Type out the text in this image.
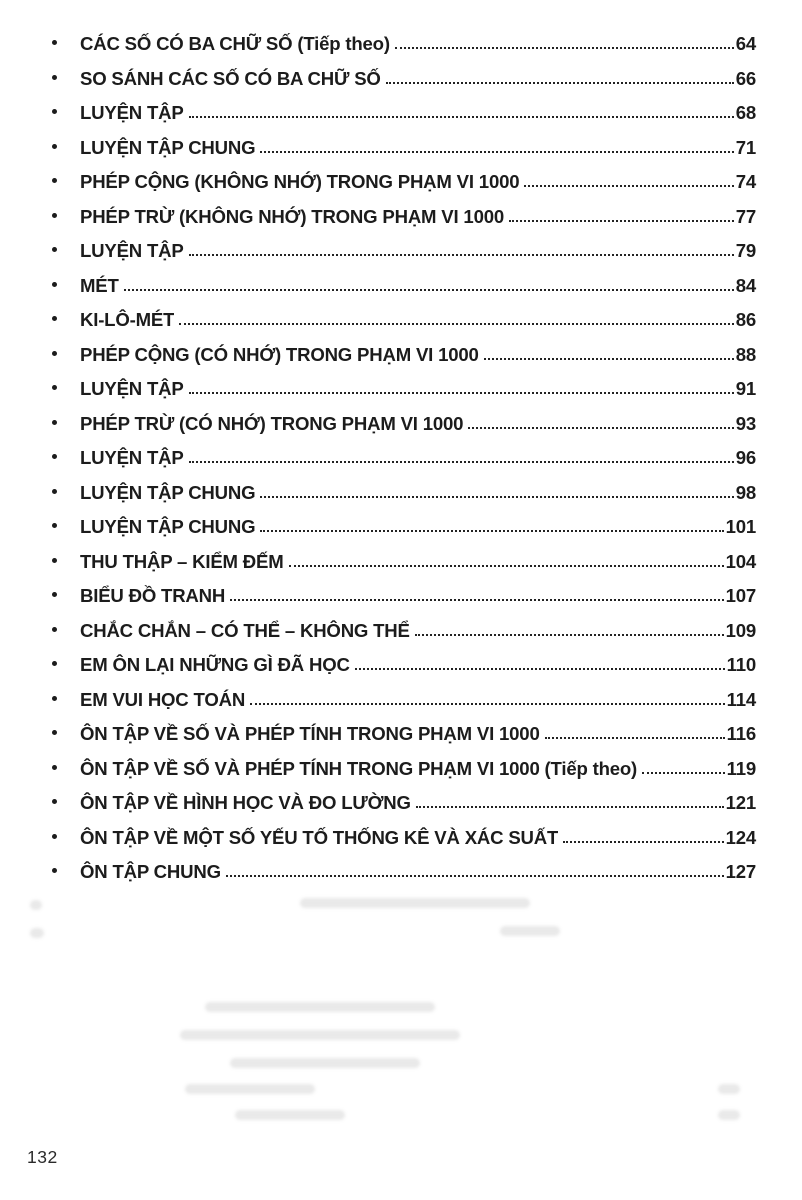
CÁC SỐ CÓ BA CHỮ SỐ (Tiếp theo)	64
SO SÁNH CÁC SỐ CÓ BA CHỮ SỐ	66
LUYỆN TẬP	68
LUYỆN TẬP CHUNG	71
PHÉP CỘNG (KHÔNG NHỚ) TRONG PHẠM VI 1000	74
PHÉP TRỪ (KHÔNG NHỚ) TRONG PHẠM VI 1000	77
LUYỆN TẬP	79
MÉT	84
KI-LÔ-MÉT	86
PHÉP CỘNG (CÓ NHỚ) TRONG PHẠM VI 1000	88
LUYỆN TẬP	91
PHÉP TRỪ (CÓ NHỚ) TRONG PHẠM VI 1000	93
LUYỆN TẬP	96
LUYỆN TẬP CHUNG	98
LUYỆN TẬP CHUNG	101
THU THẬP – KIỂM ĐẾM	104
BIỂU ĐỒ TRANH	107
CHẮC CHẮN – CÓ THỂ – KHÔNG THỂ	109
EM ÔN LẠI NHỮNG GÌ ĐÃ HỌC	110
EM VUI HỌC TOÁN	114
ÔN TẬP VỀ SỐ VÀ PHÉP TÍNH TRONG PHẠM VI 1000	116
ÔN TẬP VỀ SỐ VÀ PHÉP TÍNH TRONG PHẠM VI 1000 (Tiếp theo)	119
ÔN TẬP VỀ HÌNH HỌC VÀ ĐO LƯỜNG	121
ÔN TẬP VỀ MỘT SỐ YẾU TỐ THỐNG KÊ VÀ XÁC SUẤT	124
ÔN TẬP CHUNG	127
132
